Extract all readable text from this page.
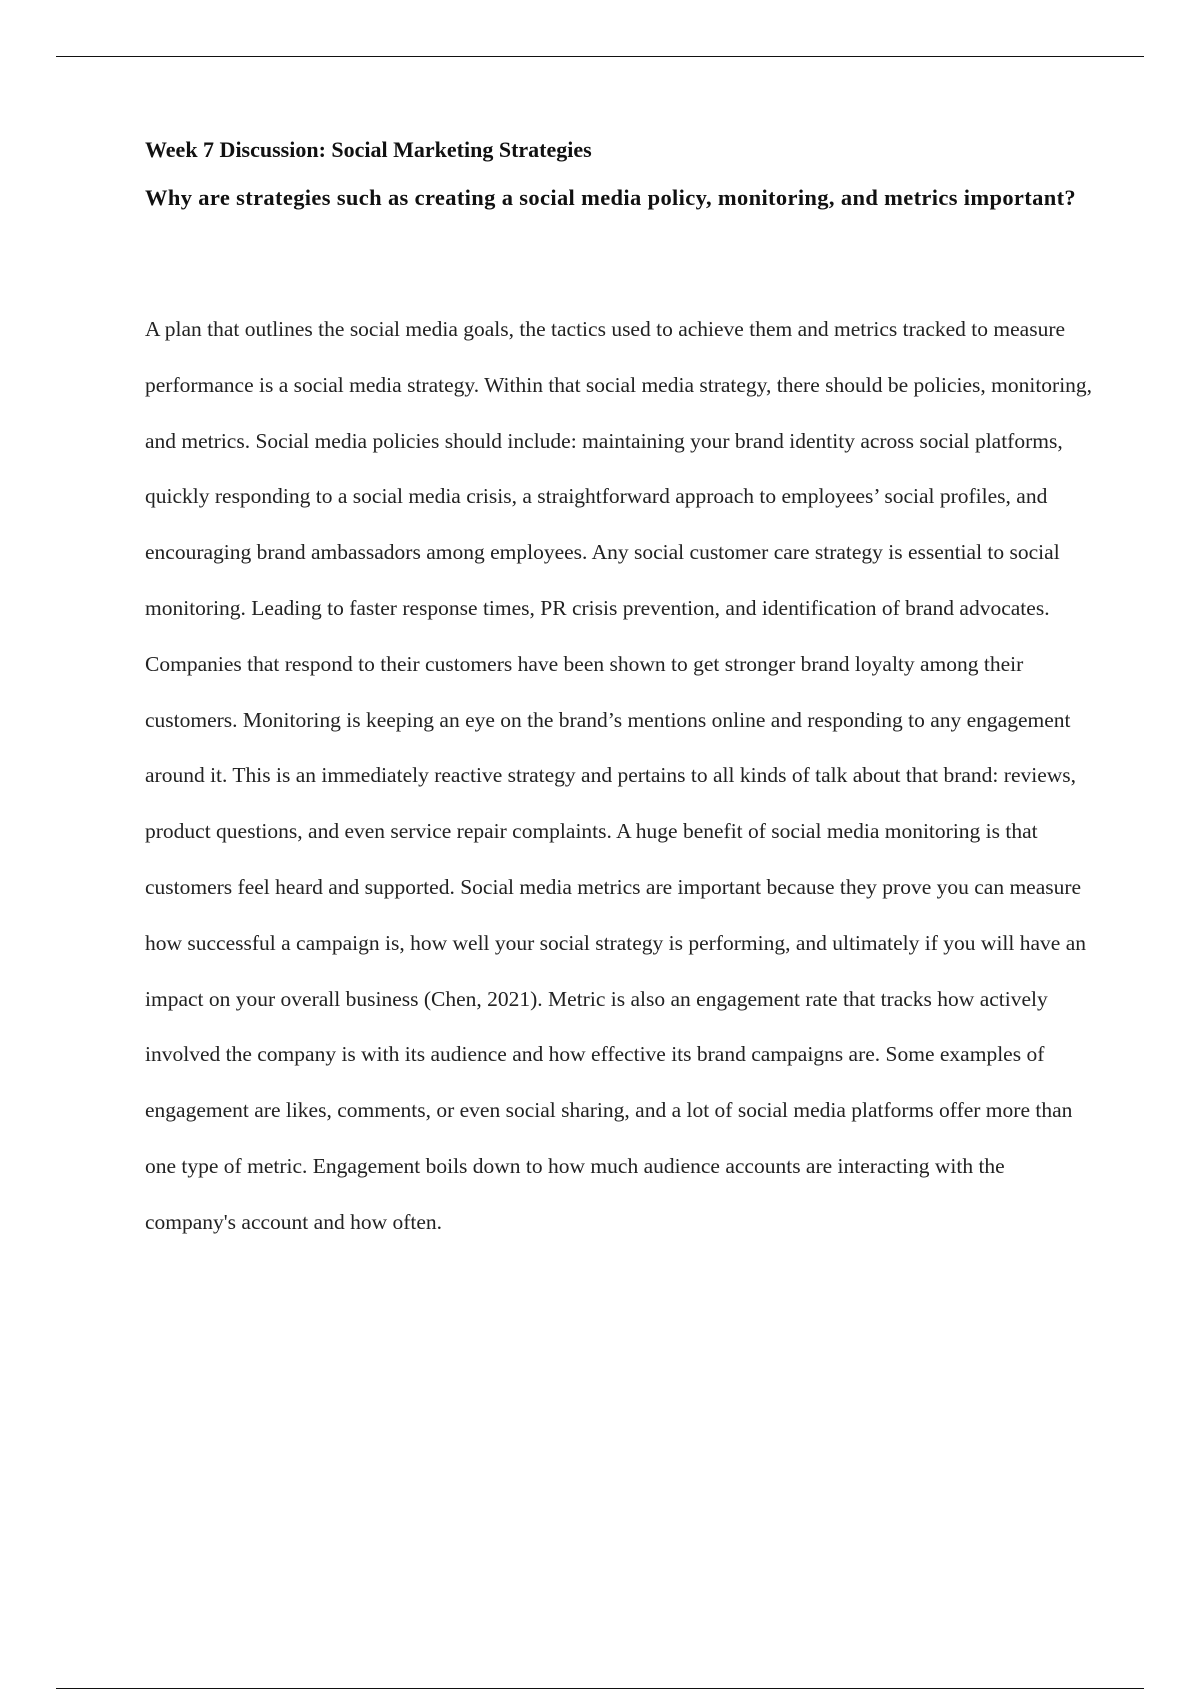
Week 7 Discussion: Social Marketing Strategies
Why are strategies such as creating a social media policy, monitoring, and metrics important?

A plan that outlines the social media goals, the tactics used to achieve them and metrics tracked to measure performance is a social media strategy. Within that social media strategy, there should be policies, monitoring, and metrics. Social media policies should include: maintaining your brand identity across social platforms, quickly responding to a social media crisis, a straightforward approach to employees’ social profiles, and encouraging brand ambassadors among employees. Any social customer care strategy is essential to social monitoring. Leading to faster response times, PR crisis prevention, and identification of brand advocates. Companies that respond to their customers have been shown to get stronger brand loyalty among their customers. Monitoring is keeping an eye on the brand’s mentions online and responding to any engagement around it. This is an immediately reactive strategy and pertains to all kinds of talk about that brand: reviews, product questions, and even service repair complaints. A huge benefit of social media monitoring is that customers feel heard and supported. Social media metrics are important because they prove you can measure how successful a campaign is, how well your social strategy is performing, and ultimately if you will have an impact on your overall business (Chen, 2021). Metric is also an engagement rate that tracks how actively involved the company is with its audience and how effective its brand campaigns are. Some examples of engagement are likes, comments, or even social sharing, and a lot of social media platforms offer more than one type of metric. Engagement boils down to how much audience accounts are interacting with the company's account and how often.
